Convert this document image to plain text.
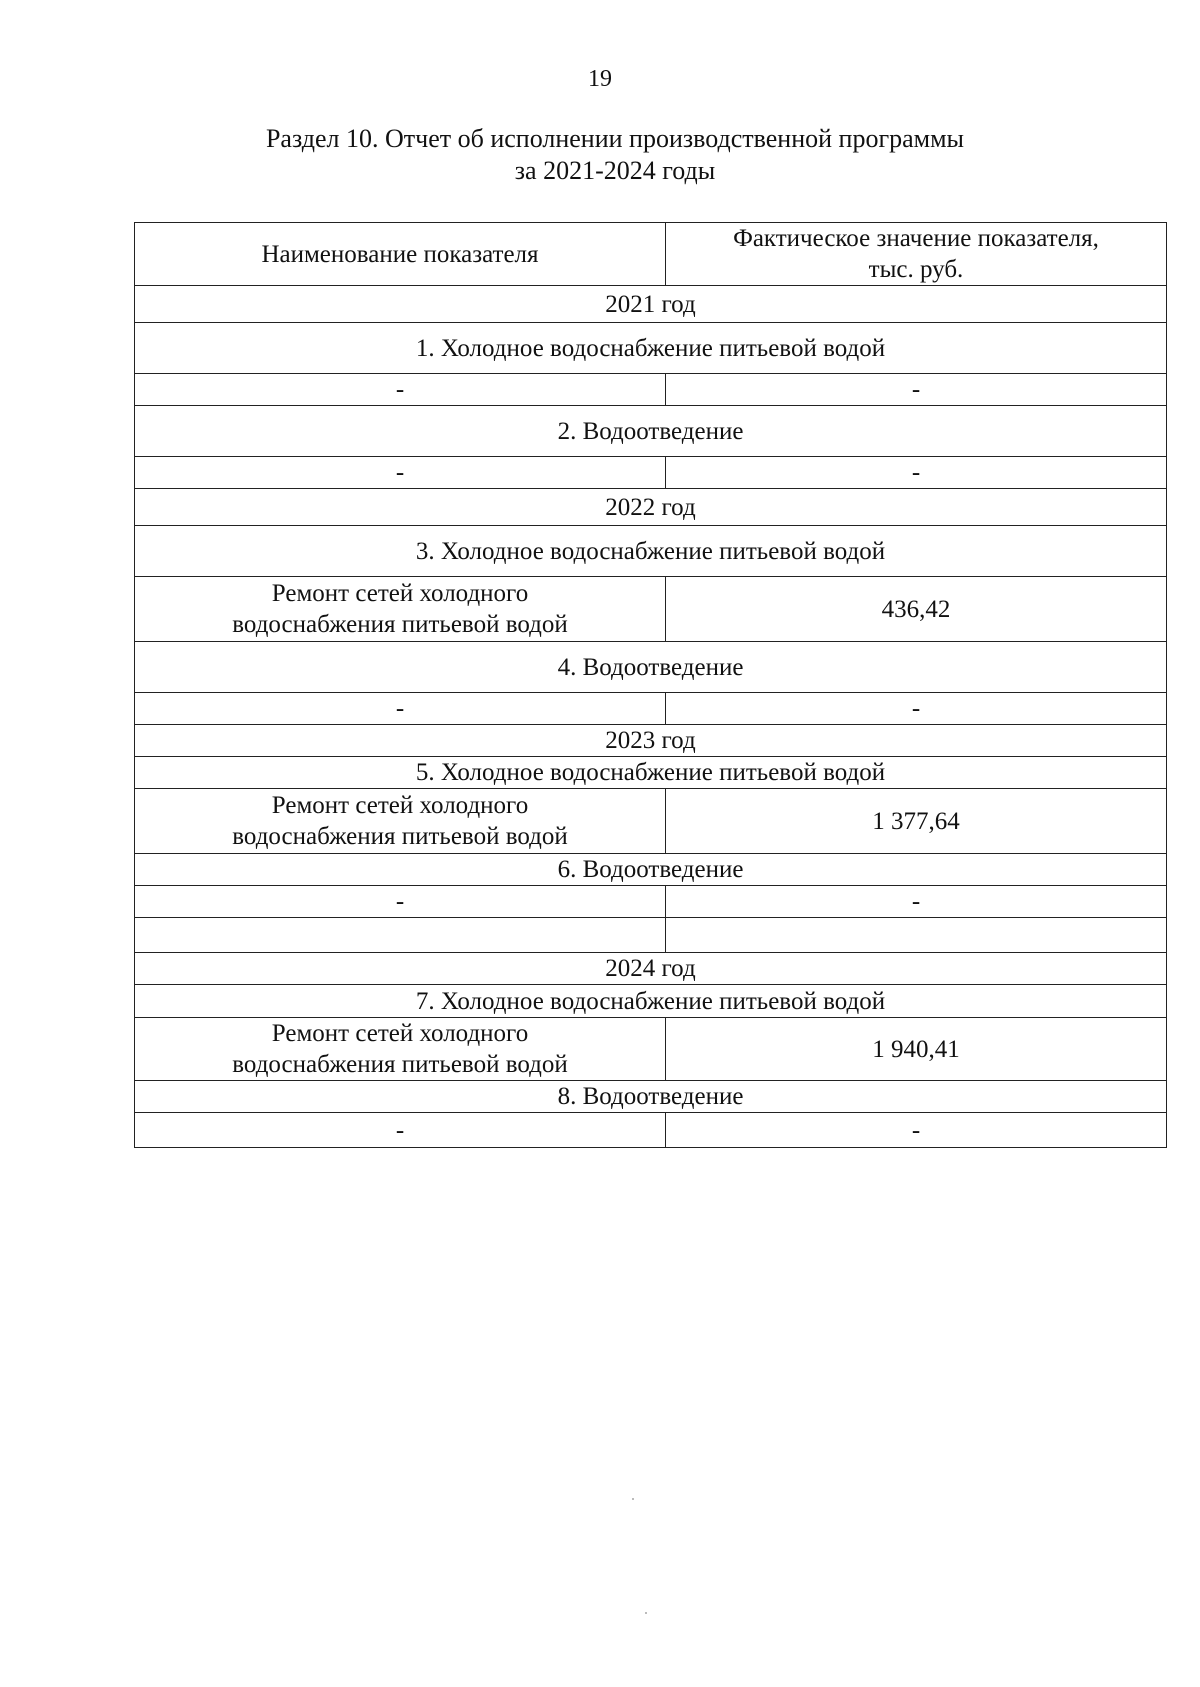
19
Раздел 10. Отчет об исполнении производственной программы
за 2021-2024 годы
Наименование показателя	Фактическое значение показателя,
тыс. руб.

2021 год	
1. Холодное водоснабжение питьевой водой	
-	-
2. Водоотведение	
-	-
2022 год	
3. Холодное водоснабжение питьевой водой	

Ремонт сетей холодного
водоснабжения питьевой водой	436,42
4. Водоотведение	
-	-
2023 год	
5. Холодное водоснабжение питьевой водой	

Ремонт сетей холодного
водоснабжения питьевой водой	1 377,64
6. Водоотведение	
-	-

2024 год	
7. Холодное водоснабжение питьевой водой	

Ремонт сетей холодного
водоснабжения питьевой водой	1 940,41
8. Водоотведение	
-	-
